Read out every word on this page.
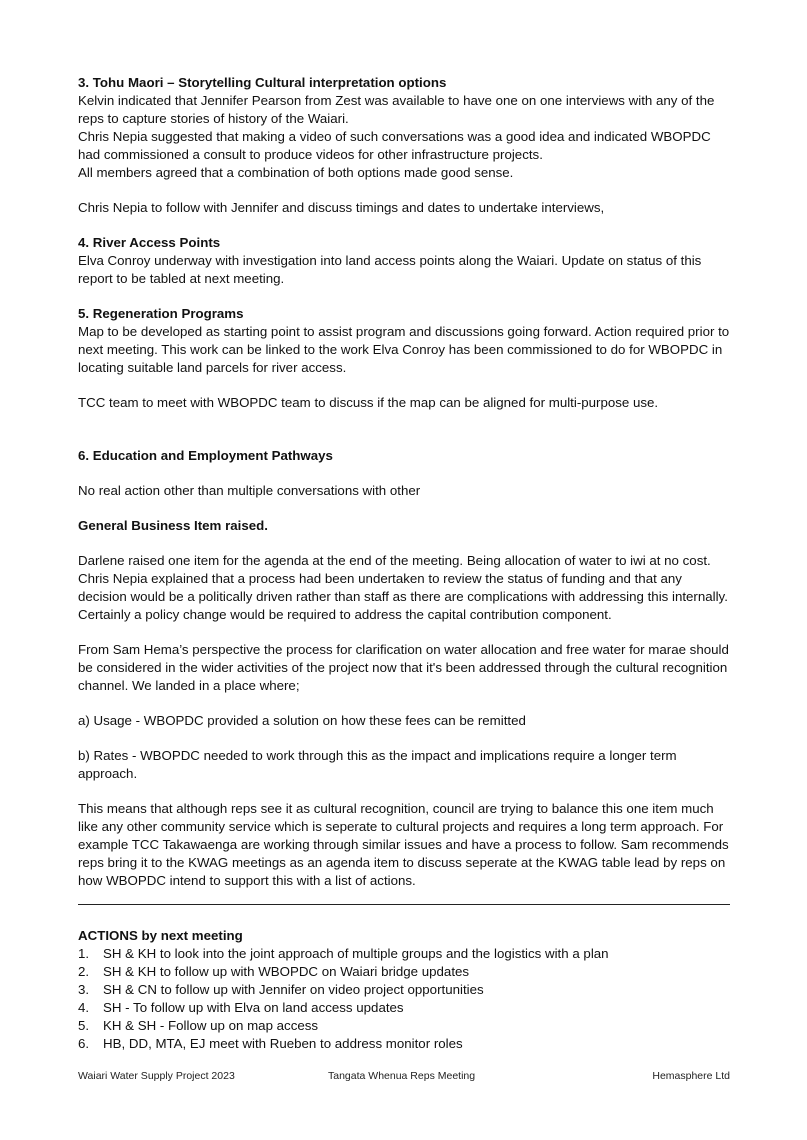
3. Tohu Maori – Storytelling Cultural interpretation options

Kelvin indicated that Jennifer Pearson from Zest was available to have one on one interviews with any of the reps to capture stories of history of the Waiari.

Chris Nepia suggested that making a video of such conversations was a good idea and indicated WBOPDC had commissioned a consult to produce videos for other infrastructure projects.

All members agreed that a combination of both options made good sense.

Chris Nepia to follow with Jennifer and discuss timings and dates to undertake interviews,

4. River Access Points

Elva Conroy underway with investigation into land access points along the Waiari. Update on status of this report to be tabled at next meeting.

5. Regeneration Programs

Map to be developed as starting point to assist program and discussions going forward. Action required prior to next meeting. This work can be linked to the work Elva Conroy has been commissioned to do for WBOPDC in locating suitable land parcels for river access.

TCC team to meet with WBOPDC team to discuss if the map can be aligned for multi-purpose use.

6. Education and Employment Pathways

No real action other than multiple conversations with other

General Business Item raised.

Darlene raised one item for the agenda at the end of the meeting. Being allocation of water to iwi at no cost. Chris Nepia explained that a process had been undertaken to review the status of funding and that any decision would be a politically driven rather than staff as there are complications with addressing this internally. Certainly a policy change would be required to address the capital contribution component.

From Sam Hema’s perspective the process for clarification on water allocation and free water for marae should be considered in the wider activities of the project now that it's been addressed through the cultural recognition channel. We landed in a place where;

a) Usage - WBOPDC provided a solution on how these fees can be remitted

b) Rates - WBOPDC needed to work through this as the impact and implications require a longer term approach.

This means that although reps see it as cultural recognition, council are trying to balance this one item much like any other community service which is seperate to cultural projects and requires a long term approach. For example TCC Takawaenga are working through similar issues and have a process to follow. Sam recommends reps bring it to the KWAG meetings as an agenda item to discuss seperate at the KWAG table lead by reps on how WBOPDC intend to support this with a list of actions.

ACTIONS by next meeting

1.	SH & KH to look into the joint approach of multiple groups and the logistics with a plan
2.	SH & KH to follow up with WBOPDC on Waiari bridge updates
3.	SH & CN to follow up with Jennifer on video project opportunities
4.	SH - To follow up with Elva on land access updates
5.	KH & SH - Follow up on map access
6.	HB, DD, MTA, EJ meet with Rueben to address monitor roles
Waiari Water Supply Project 2023	Tangata Whenua Reps Meeting	Hemasphere Ltd
